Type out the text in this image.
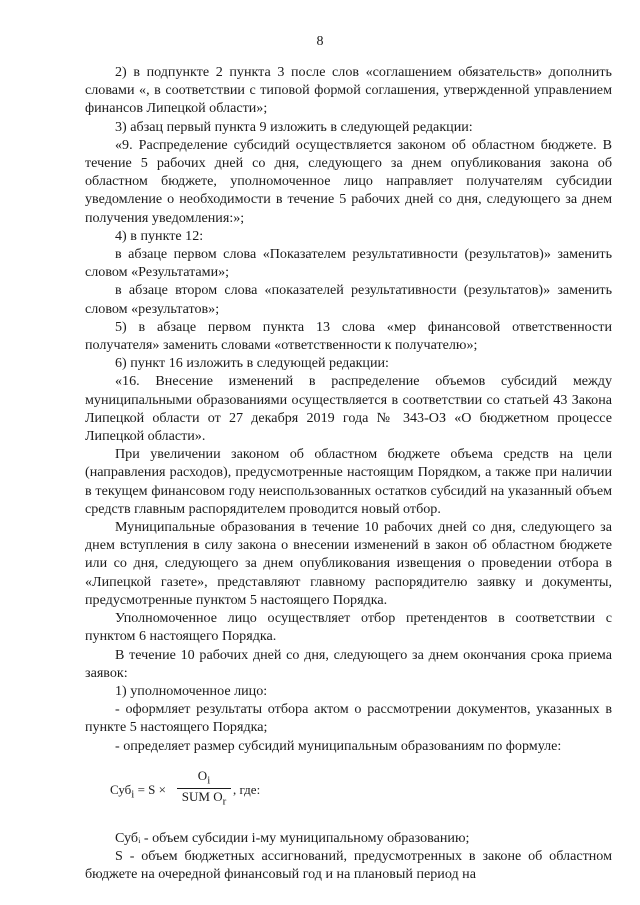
8

2) в подпункте 2 пункта 3 после слов «соглашением обязательств» дополнить словами «, в соответствии с типовой формой соглашения, утвержденной управлением финансов Липецкой области»;

3) абзац первый пункта 9 изложить в следующей редакции:

«9. Распределение субсидий осуществляется законом об областном бюджете. В течение 5 рабочих дней со дня, следующего за днем опубликования закона об областном бюджете, уполномоченное лицо направляет получателям субсидии уведомление о необходимости в течение 5 рабочих дней со дня, следующего за днем получения уведомления:»;

4) в пункте 12:

в абзаце первом слова «Показателем результативности (результатов)» заменить словом «Результатами»;

в абзаце втором слова «показателей результативности (результатов)» заменить словом «результатов»;

5) в абзаце первом пункта 13 слова «мер финансовой ответственности получателя» заменить словами «ответственности к получателю»;

6) пункт 16 изложить в следующей редакции:

«16. Внесение изменений в распределение объемов субсидий между муниципальными образованиями осуществляется в соответствии со статьей 43 Закона Липецкой области от 27 декабря 2019 года № 343-ОЗ «О бюджетном процессе Липецкой области».

При увеличении законом об областном бюджете объема средств на цели (направления расходов), предусмотренные настоящим Порядком, а также при наличии в текущем финансовом году неиспользованных остатков субсидий на указанный объем средств главным распорядителем проводится новый отбор.

Муниципальные образования в течение 10 рабочих дней со дня, следующего за днем вступления в силу закона о внесении изменений в закон об областном бюджете или со дня, следующего за днем опубликования извещения о проведении отбора в «Липецкой газете», представляют главному распорядителю заявку и документы, предусмотренные пунктом 5 настоящего Порядка.

Уполномоченное лицо осуществляет отбор претендентов в соответствии с пунктом 6 настоящего Порядка.

В течение 10 рабочих дней со дня, следующего за днем окончания срока приема заявок:

1) уполномоченное лицо:

- оформляет результаты отбора актом о рассмотрении документов, указанных в пункте 5 настоящего Порядка;

- определяет размер субсидий муниципальным образованиям по формуле:

Суб$_i$ = S ×
$O_i$
SUM $O_r$
, где:

Субᵢ - объем субсидии i-му муниципальному образованию;

S - объем бюджетных ассигнований, предусмотренных в законе об областном бюджете на очередной финансовый год и на плановый период на
